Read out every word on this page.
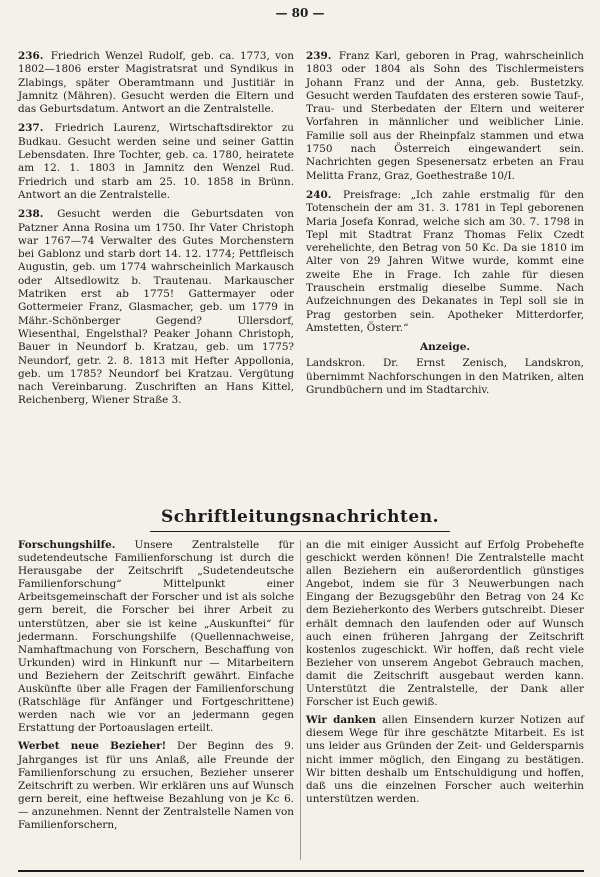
— 80 —

236. Friedrich Wenzel Rudolf, geb. ca. 1773, von 1802—1806 erster Magistratsrat und Syndikus in Zlabings, später Oberamtmann und Justitiär in Jamnitz (Mähren). Gesucht werden die Eltern und das Geburtsdatum. Antwort an die Zentralstelle.

237. Friedrich Laurenz, Wirtschaftsdirektor zu Budkau. Gesucht werden seine und seiner Gattin Lebensdaten. Ihre Tochter, geb. ca. 1780, heiratete am 12. 1. 1803 in Jamnitz den Wenzel Rud. Friedrich und starb am 25. 10. 1858 in Brünn. Antwort an die Zentralstelle.

238. Gesucht werden die Geburtsdaten von Patzner Anna Rosina um 1750. Ihr Vater Christoph war 1767—74 Verwalter des Gutes Morchenstern bei Gablonz und starb dort 14. 12. 1774; Pettfleisch Augustin, geb. um 1774 wahrscheinlich Markausch oder Altsedlowitz b. Trautenau. Markauscher Matriken erst ab 1775! Gattermayer oder Gottermeier Franz, Glasmacher, geb. um 1779 in Mähr.-Schönberger Gegend? Ullersdorf, Wiesenthal, Engelsthal? Peaker Johann Christoph, Bauer in Neundorf b. Kratzau, geb. um 1775? Neundorf, getr. 2. 8. 1813 mit Hefter Appollonia, geb. um 1785? Neundorf bei Kratzau. Vergütung nach Vereinbarung. Zuschriften an Hans Kittel, Reichenberg, Wiener Straße 3.

239. Franz Karl, geboren in Prag, wahrscheinlich 1803 oder 1804 als Sohn des Tischlermeisters Johann Franz und der Anna, geb. Bustetzky. Gesucht werden Taufdaten des ersteren sowie Tauf-, Trau- und Sterbedaten der Eltern und weiterer Vorfahren in männlicher und weiblicher Linie. Familie soll aus der Rheinpfalz stammen und etwa 1750 nach Österreich eingewandert sein. Nachrichten gegen Spesenersatz erbeten an Frau Melitta Franz, Graz, Goethestraße 10/I.

240. Preisfrage: „Ich zahle erstmalig für den Totenschein der am 31. 3. 1781 in Tepl geborenen Maria Josefa Konrad, welche sich am 30. 7. 1798 in Tepl mit Stadtrat Franz Thomas Felix Czedt verehelichte, den Betrag von 50 Kc. Da sie 1810 im Alter von 29 Jahren Witwe wurde, kommt eine zweite Ehe in Frage. Ich zahle für diesen Trauschein erstmalig dieselbe Summe. Nach Aufzeichnungen des Dekanates in Tepl soll sie in Prag gestorben sein. Apotheker Mitterdorfer, Amstetten, Österr.“

Anzeige.

Landskron. Dr. Ernst Zenisch, Landskron, übernimmt Nachforschungen in den Matriken, alten Grundbüchern und im Stadtarchiv.

Schriftleitungsnachrichten.

Forschungshilfe. Unsere Zentralstelle für sudetendeutsche Familienforschung ist durch die Herausgabe der Zeitschrift „Sudetendeutsche Familienforschung“ Mittelpunkt einer Arbeitsgemeinschaft der Forscher und ist als solche gern bereit, die Forscher bei ihrer Arbeit zu unterstützen, aber sie ist keine „Auskunftei“ für jedermann. Forschungshilfe (Quellennachweise, Namhaftmachung von Forschern, Beschaffung von Urkunden) wird in Hinkunft nur — Mitarbeitern und Beziehern der Zeitschrift gewährt. Einfache Auskünfte über alle Fragen der Familienforschung (Ratschläge für Anfänger und Fortgeschrittene) werden nach wie vor an jedermann gegen Erstattung der Portoauslagen erteilt.

Werbet neue Bezieher! Der Beginn des 9. Jahrganges ist für uns Anlaß, alle Freunde der Familienforschung zu ersuchen, Bezieher unserer Zeitschrift zu werben. Wir erklären uns auf Wunsch gern bereit, eine heftweise Bezahlung von je Kc 6.— anzunehmen. Nennt der Zentralstelle Namen von Familienforschern,

an die mit einiger Aussicht auf Erfolg Probehefte geschickt werden können! Die Zentralstelle macht allen Beziehern ein außerordentlich günstiges Angebot, indem sie für 3 Neuwerbungen nach Eingang der Bezugsgebühr den Betrag von 24 Kc dem Bezieherkonto des Werbers gutschreibt. Dieser erhält demnach den laufenden oder auf Wunsch auch einen früheren Jahrgang der Zeitschrift kostenlos zugeschickt. Wir hoffen, daß recht viele Bezieher von unserem Angebot Gebrauch machen, damit die Zeitschrift ausgebaut werden kann. Unterstützt die Zentralstelle, der Dank aller Forscher ist Euch gewiß.

Wir danken allen Einsendern kurzer Notizen auf diesem Wege für ihre geschätzte Mitarbeit. Es ist uns leider aus Gründen der Zeit- und Geldersparnis nicht immer möglich, den Eingang zu bestätigen. Wir bitten deshalb um Entschuldigung und hoffen, daß uns die einzelnen Forscher auch weiterhin unterstützen werden.
